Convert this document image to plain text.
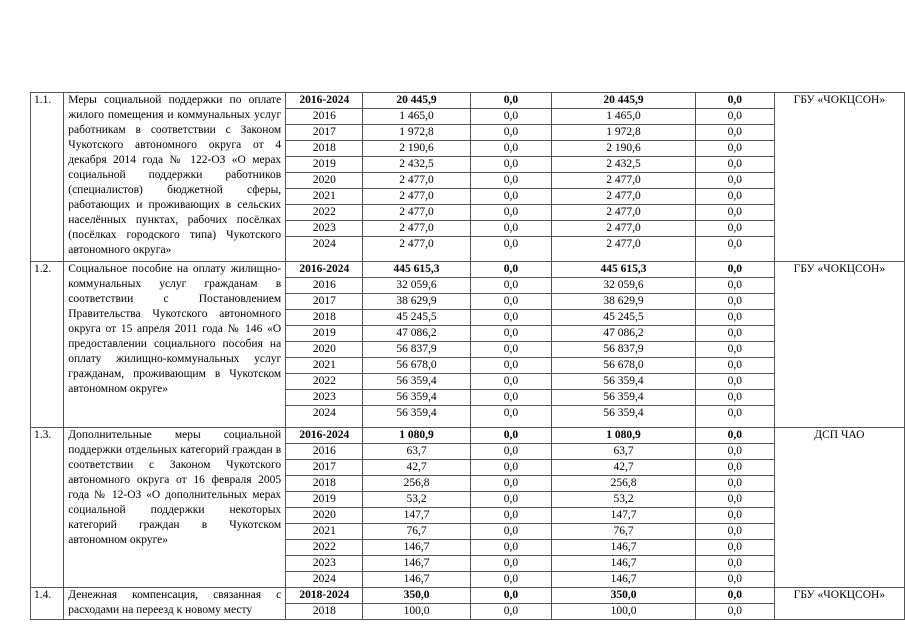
1.1.	Меры социальной поддержки по оплате жилого помещения и коммунальных услуг работникам в соответствии с Законом Чукотского автономного округа от 4 декабря 2014 года № 122-ОЗ «О мерах социальной поддержки работников (специалистов) бюджетной сферы, работающих и проживающих в сельских населённых пунктах, рабочих посёлках (посёлках городского типа) Чукотского автономного округа»	2016-2024	20 445,9	0,0	20 445,9	0,0	ГБУ «ЧОКЦСОН»
		2016	1 465,0	0,0	1 465,0	0,0	
		2017	1 972,8	0,0	1 972,8	0,0	
		2018	2 190,6	0,0	2 190,6	0,0	
		2019	2 432,5	0,0	2 432,5	0,0	
		2020	2 477,0	0,0	2 477,0	0,0	
		2021	2 477,0	0,0	2 477,0	0,0	
		2022	2 477,0	0,0	2 477,0	0,0	
		2023	2 477,0	0,0	2 477,0	0,0	
		2024	2 477,0	0,0	2 477,0	0,0	
1.2.	Социальное пособие на оплату жилищно-коммунальных услуг гражданам в соответствии с Постановлением Правительства Чукотского автономного округа от 15 апреля 2011 года № 146 «О предоставлении социального пособия на оплату жилищно-коммунальных услуг гражданам, проживающим в Чукотском автономном округе»	2016-2024	445 615,3	0,0	445 615,3	0,0	ГБУ «ЧОКЦСОН»
		2016	32 059,6	0,0	32 059,6	0,0	
		2017	38 629,9	0,0	38 629,9	0,0	
		2018	45 245,5	0,0	45 245,5	0,0	
		2019	47 086,2	0,0	47 086,2	0,0	
		2020	56 837,9	0,0	56 837,9	0,0	
		2021	56 678,0	0,0	56 678,0	0,0	
		2022	56 359,4	0,0	56 359,4	0,0	
		2023	56 359,4	0,0	56 359,4	0,0	
		2024	56 359,4	0,0	56 359,4	0,0	
1.3.	Дополнительные меры социальной поддержки отдельных категорий граждан в соответствии с Законом Чукотского автономного округа от 16 февраля 2005 года № 12-ОЗ «О дополнительных мерах социальной поддержки некоторых категорий граждан в Чукотском автономном округе»	2016-2024	1 080,9	0,0	1 080,9	0,0	ДСП ЧАО
		2016	63,7	0,0	63,7	0,0	
		2017	42,7	0,0	42,7	0,0	
		2018	256,8	0,0	256,8	0,0	
		2019	53,2	0,0	53,2	0,0	
		2020	147,7	0,0	147,7	0,0	
		2021	76,7	0,0	76,7	0,0	
		2022	146,7	0,0	146,7	0,0	
		2023	146,7	0,0	146,7	0,0	
		2024	146,7	0,0	146,7	0,0	
1.4.	Денежная компенсация, связанная с расходами на переезд к новому месту	2018-2024	350,0	0,0	350,0	0,0	ГБУ «ЧОКЦСОН»
		2018	100,0	0,0	100,0	0,0	
